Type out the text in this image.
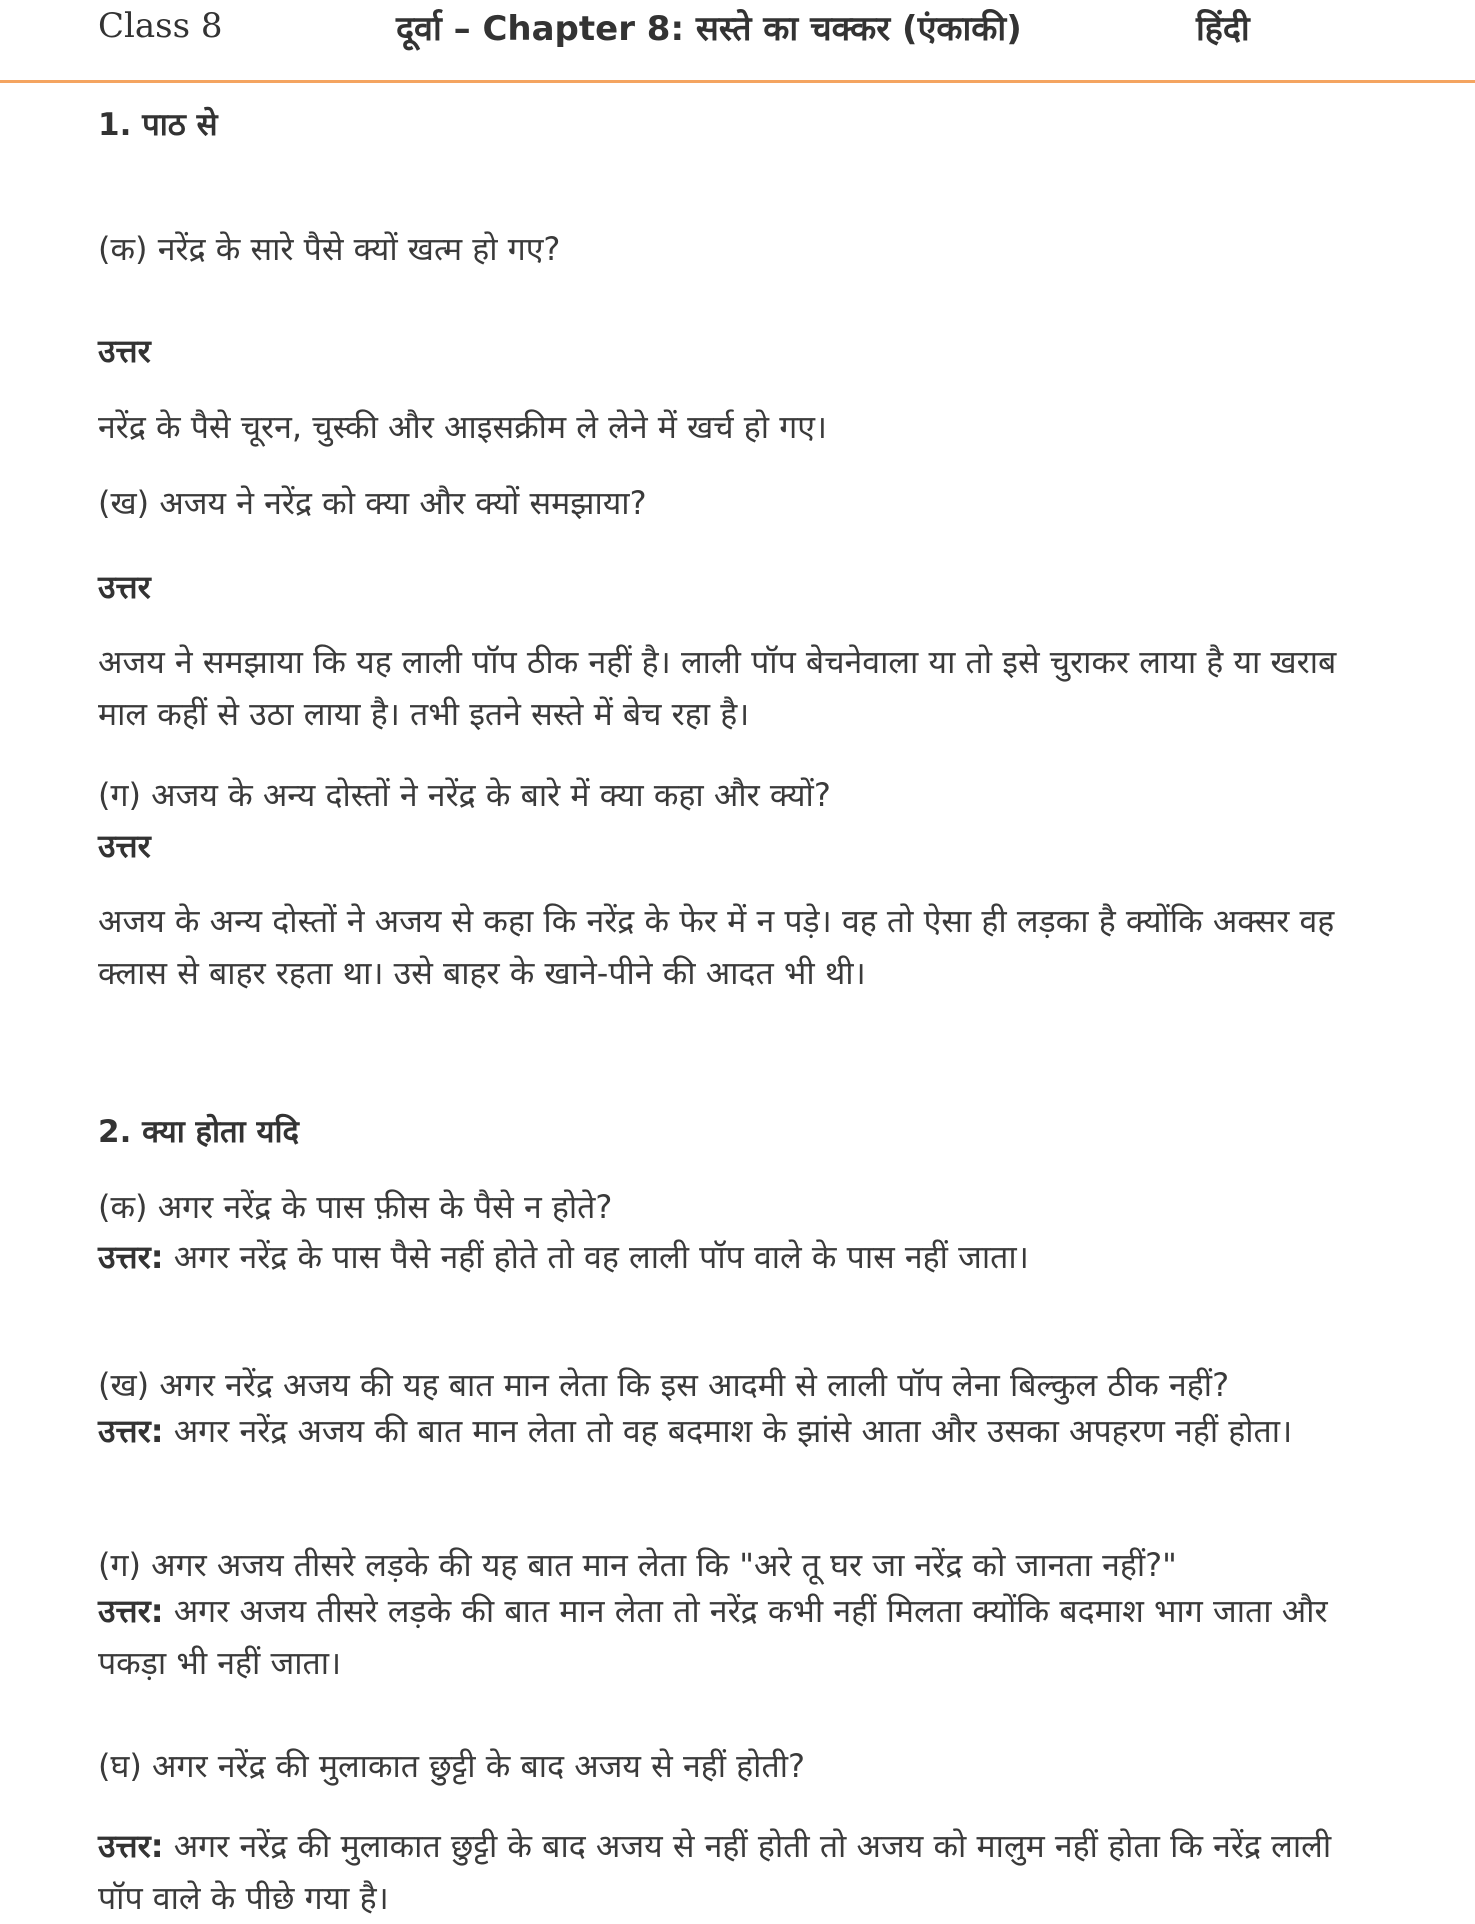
Class 8	दूर्वा – Chapter 8: सस्ते का चक्कर (एंकाकी)	हिंदी
1. पाठ से
(क) नरेंद्र के सारे पैसे क्यों खत्म हो गए?
उत्तर
नरेंद्र के पैसे चूरन, चुस्की और आइसक्रीम ले लेने में खर्च हो गए।
(ख) अजय ने नरेंद्र को क्या और क्यों समझाया?
उत्तर
अजय ने समझाया कि यह लाली पॉप ठीक नहीं है। लाली पॉप बेचनेवाला या तो इसे चुराकर लाया है या खराब माल कहीं से उठा लाया है। तभी इतने सस्ते में बेच रहा है।
(ग) अजय के अन्य दोस्तों ने नरेंद्र के बारे में क्या कहा और क्यों?
उत्तर
अजय के अन्य दोस्तों ने अजय से कहा कि नरेंद्र के फेर में न पड़े। वह तो ऐसा ही लड़का है क्योंकि अक्सर वह क्लास से बाहर रहता था। उसे बाहर के खाने-पीने की आदत भी थी।
2. क्या होता यदि
(क) अगर नरेंद्र के पास फ़ीस के पैसे न होते?
उत्तर: अगर नरेंद्र के पास पैसे नहीं होते तो वह लाली पॉप वाले के पास नहीं जाता।
(ख) अगर नरेंद्र अजय की यह बात मान लेता कि इस आदमी से लाली पॉप लेना बिल्कुल ठीक नहीं?
उत्तर: अगर नरेंद्र अजय की बात मान लेता तो वह बदमाश के झांसे आता और उसका अपहरण नहीं होता।
(ग) अगर अजय तीसरे लड़के की यह बात मान लेता कि "अरे तू घर जा नरेंद्र को जानता नहीं?"
उत्तर: अगर अजय तीसरे लड़के की बात मान लेता तो नरेंद्र कभी नहीं मिलता क्योंकि बदमाश भाग जाता और पकड़ा भी नहीं जाता।
(घ) अगर नरेंद्र की मुलाकात छुट्टी के बाद अजय से नहीं होती?
उत्तर: अगर नरेंद्र की मुलाकात छुट्टी के बाद अजय से नहीं होती तो अजय को मालुम नहीं होता कि नरेंद्र लाली पॉप वाले के पीछे गया है।
